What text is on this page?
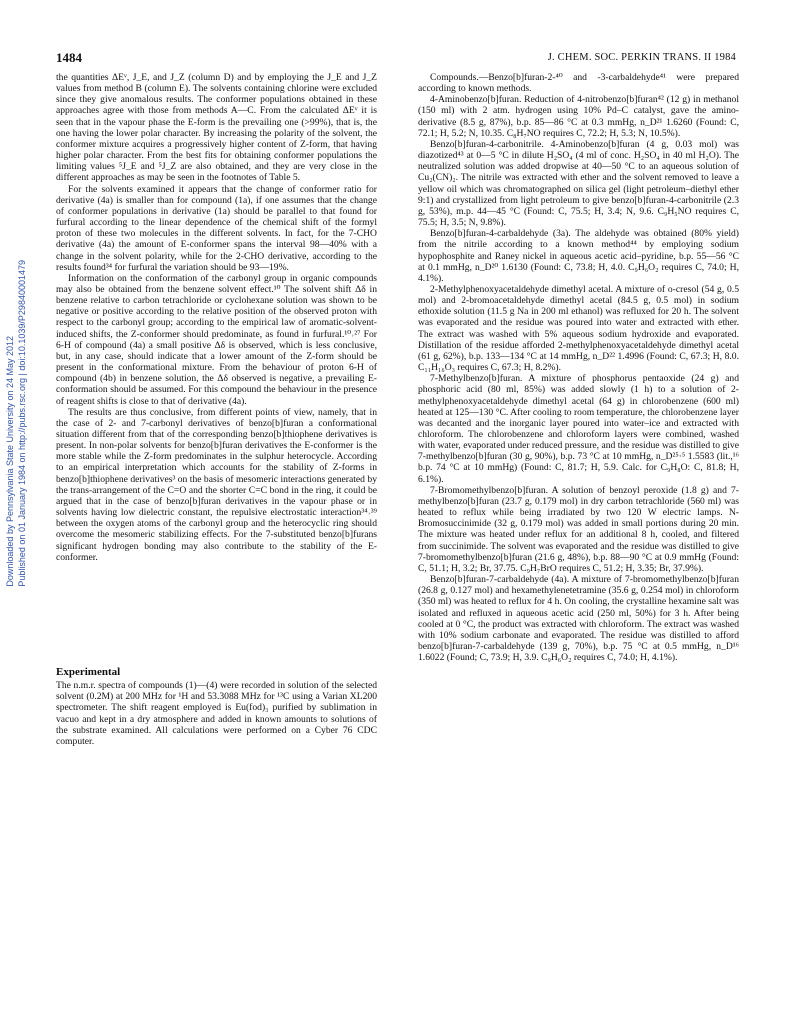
1484	J. CHEM. SOC. PERKIN TRANS. II 1984
Downloaded by Pennsylvania State University on 24 May 2012 Published on 01 January 1984 on http://pubs.rsc.org | doi:10.1039/P29840001479

the quantities ΔEᵛ, J_E, and J_Z (column D) and by employing the J_E and J_Z values from method B (column E). The solvents containing chlorine were excluded since they give anomalous results. The conformer populations obtained in these approaches agree with those from methods A—C. From the calculated ΔEᵛ it is seen that in the vapour phase the E-form is the prevailing one (>99%), that is, the one having the lower polar character. By increasing the polarity of the solvent, the conformer mixture acquires a progressively higher content of Z-form, that having higher polar character. From the best fits for obtaining conformer populations the limiting values ⁵J_E and ⁵J_Z are also obtained, and they are very close in the different approaches as may be seen in the footnotes of Table 5.

For the solvents examined it appears that the change of conformer ratio for derivative (4a) is smaller than for compound (1a), if one assumes that the change of conformer populations in derivative (1a) should be parallel to that found for furfural according to the linear dependence of the chemical shift of the formyl proton of these two molecules in the different solvents. In fact, for the 7-CHO derivative (4a) the amount of E-conformer spans the interval 98—40% with a change in the solvent polarity, while for the 2-CHO derivative, according to the results found³⁴ for furfural the variation should be 93—19%.

Information on the conformation of the carbonyl group in organic compounds may also be obtained from the benzene solvent effect.¹⁰ The solvent shift Δδ in benzene relative to carbon tetrachloride or cyclohexane solution was shown to be negative or positive according to the relative position of the observed proton with respect to the carbonyl group; according to the empirical law of aromatic-solvent-induced shifts, the Z-conformer should predominate, as found in furfural.¹⁰˒²⁷ For 6-H of compound (4a) a small positive Δδ is observed, which is less conclusive, but, in any case, should indicate that a lower amount of the Z-form should be present in the conformational mixture. From the behaviour of proton 6-H of compound (4b) in benzene solution, the Δδ observed is negative, a prevailing E-conformation should be assumed. For this compound the behaviour in the presence of reagent shifts is close to that of derivative (4a).

The results are thus conclusive, from different points of view, namely, that in the case of 2- and 7-carbonyl derivatives of benzo[b]furan a conformational situation different from that of the corresponding benzo[b]thiophene derivatives is present. In non-polar solvents for benzo[b]furan derivatives the E-conformer is the more stable while the Z-form predominates in the sulphur heterocycle. According to an empirical interpretation which accounts for the stability of Z-forms in benzo[b]thiophene derivatives³ on the basis of mesomeric interactions generated by the trans-arrangement of the C=O and the shorter C=C bond in the ring, it could be argued that in the case of benzo[b]furan derivatives in the vapour phase or in solvents having low dielectric constant, the repulsive electrostatic interaction³⁴˒³⁹ between the oxygen atoms of the carbonyl group and the heterocyclic ring should overcome the mesomeric stabilizing effects. For the 7-substituted benzo[b]furans significant hydrogen bonding may also contribute to the stability of the E-conformer.

Experimental

The n.m.r. spectra of compounds (1)—(4) were recorded in solution of the selected solvent (0.2M) at 200 MHz for ¹H and 53.3088 MHz for ¹³C using a Varian XL200 spectrometer. The shift reagent employed is Eu(fod)₃ purified by sublimation in vacuo and kept in a dry atmosphere and added in known amounts to solutions of the substrate examined. All calculations were performed on a Cyber 76 CDC computer.

Compounds.—Benzo[b]furan-2-⁴⁰ and -3-carbaldehyde⁴¹ were prepared according to known methods.

4-Aminobenzo[b]furan. Reduction of 4-nitrobenzo[b]furan⁴² (12 g) in methanol (150 ml) with 2 atm. hydrogen using 10% Pd–C catalyst, gave the amino-derivative (8.5 g, 87%), b.p. 85—86 °C at 0.3 mmHg, n_D²¹ 1.6260 (Found: C, 72.1; H, 5.2; N, 10.35. C₈H₇NO requires C, 72.2; H, 5.3; N, 10.5%).

Benzo[b]furan-4-carbonitrile. 4-Aminobenzo[b]furan (4 g, 0.03 mol) was diazotized⁴³ at 0—5 °C in dilute H₂SO₄ (4 ml of conc. H₂SO₄ in 40 ml H₂O). The neutralized solution was added dropwise at 40—50 °C to an aqueous solution of Cu₂(CN)₂. The nitrile was extracted with ether and the solvent removed to leave a yellow oil which was chromatographed on silica gel (light petroleum–diethyl ether 9:1) and crystallized from light petroleum to give benzo[b]furan-4-carbonitrile (2.3 g, 53%), m.p. 44—45 °C (Found: C, 75.5; H, 3.4; N, 9.6. C₉H₅NO requires C, 75.5; H, 3.5; N, 9.8%).

Benzo[b]furan-4-carbaldehyde (3a). The aldehyde was obtained (80% yield) from the nitrile according to a known method⁴⁴ by employing sodium hypophosphite and Raney nickel in aqueous acetic acid–pyridine, b.p. 55—56 °C at 0.1 mmHg, n_D²⁰ 1.6130 (Found: C, 73.8; H, 4.0. C₉H₆O₂ requires C, 74.0; H, 4.1%).

2-Methylphenoxyacetaldehyde dimethyl acetal. A mixture of o-cresol (54 g, 0.5 mol) and 2-bromoacetaldehyde dimethyl acetal (84.5 g, 0.5 mol) in sodium ethoxide solution (11.5 g Na in 200 ml ethanol) was refluxed for 20 h. The solvent was evaporated and the residue was poured into water and extracted with ether. The extract was washed with 5% aqueous sodium hydroxide and evaporated. Distillation of the residue afforded 2-methylphenoxyacetaldehyde dimethyl acetal (61 g, 62%), b.p. 133—134 °C at 14 mmHg, n_D²² 1.4996 (Found: C, 67.3; H, 8.0. C₁₁H₁₆O₃ requires C, 67.3; H, 8.2%).

7-Methylbenzo[b]furan. A mixture of phosphorus pentaoxide (24 g) and phosphoric acid (80 ml, 85%) was added slowly (1 h) to a solution of 2-methylphenoxyacetaldehyde dimethyl acetal (64 g) in chlorobenzene (600 ml) heated at 125—130 °C. After cooling to room temperature, the chlorobenzene layer was decanted and the inorganic layer poured into water–ice and extracted with chloroform. The chlorobenzene and chloroform layers were combined, washed with water, evaporated under reduced pressure, and the residue was distilled to give 7-methylbenzo[b]furan (30 g, 90%), b.p. 73 °C at 10 mmHg, n_D²⁵·⁵ 1.5583 (lit.,¹⁶ b.p. 74 °C at 10 mmHg) (Found: C, 81.7; H, 5.9. Calc. for C₉H₈O: C, 81.8; H, 6.1%).

7-Bromomethylbenzo[b]furan. A solution of benzoyl peroxide (1.8 g) and 7-methylbenzo[b]furan (23.7 g, 0.179 mol) in dry carbon tetrachloride (560 ml) was heated to reflux while being irradiated by two 120 W electric lamps. N-Bromosuccinimide (32 g, 0.179 mol) was added in small portions during 20 min. The mixture was heated under reflux for an additional 8 h, cooled, and filtered from succinimide. The solvent was evaporated and the residue was distilled to give 7-bromomethylbenzo[b]furan (21.6 g, 48%), b.p. 88—90 °C at 0.9 mmHg (Found: C, 51.1; H, 3.2; Br, 37.75. C₉H₇BrO requires C, 51.2; H, 3.35; Br, 37.9%).

Benzo[b]furan-7-carbaldehyde (4a). A mixture of 7-bromomethylbenzo[b]furan (26.8 g, 0.127 mol) and hexamethylenetetramine (35.6 g, 0.254 mol) in chloroform (350 ml) was heated to reflux for 4 h. On cooling, the crystalline hexamine salt was isolated and refluxed in aqueous acetic acid (250 ml, 50%) for 3 h. After being cooled at 0 °C, the product was extracted with chloroform. The extract was washed with 10% sodium carbonate and evaporated. The residue was distilled to afford benzo[b]furan-7-carbaldehyde (139 g, 70%), b.p. 75 °C at 0.5 mmHg, n_D¹⁶ 1.6022 (Found; C, 73.9; H, 3.9. C₉H₆O₂ requires C, 74.0; H, 4.1%).
